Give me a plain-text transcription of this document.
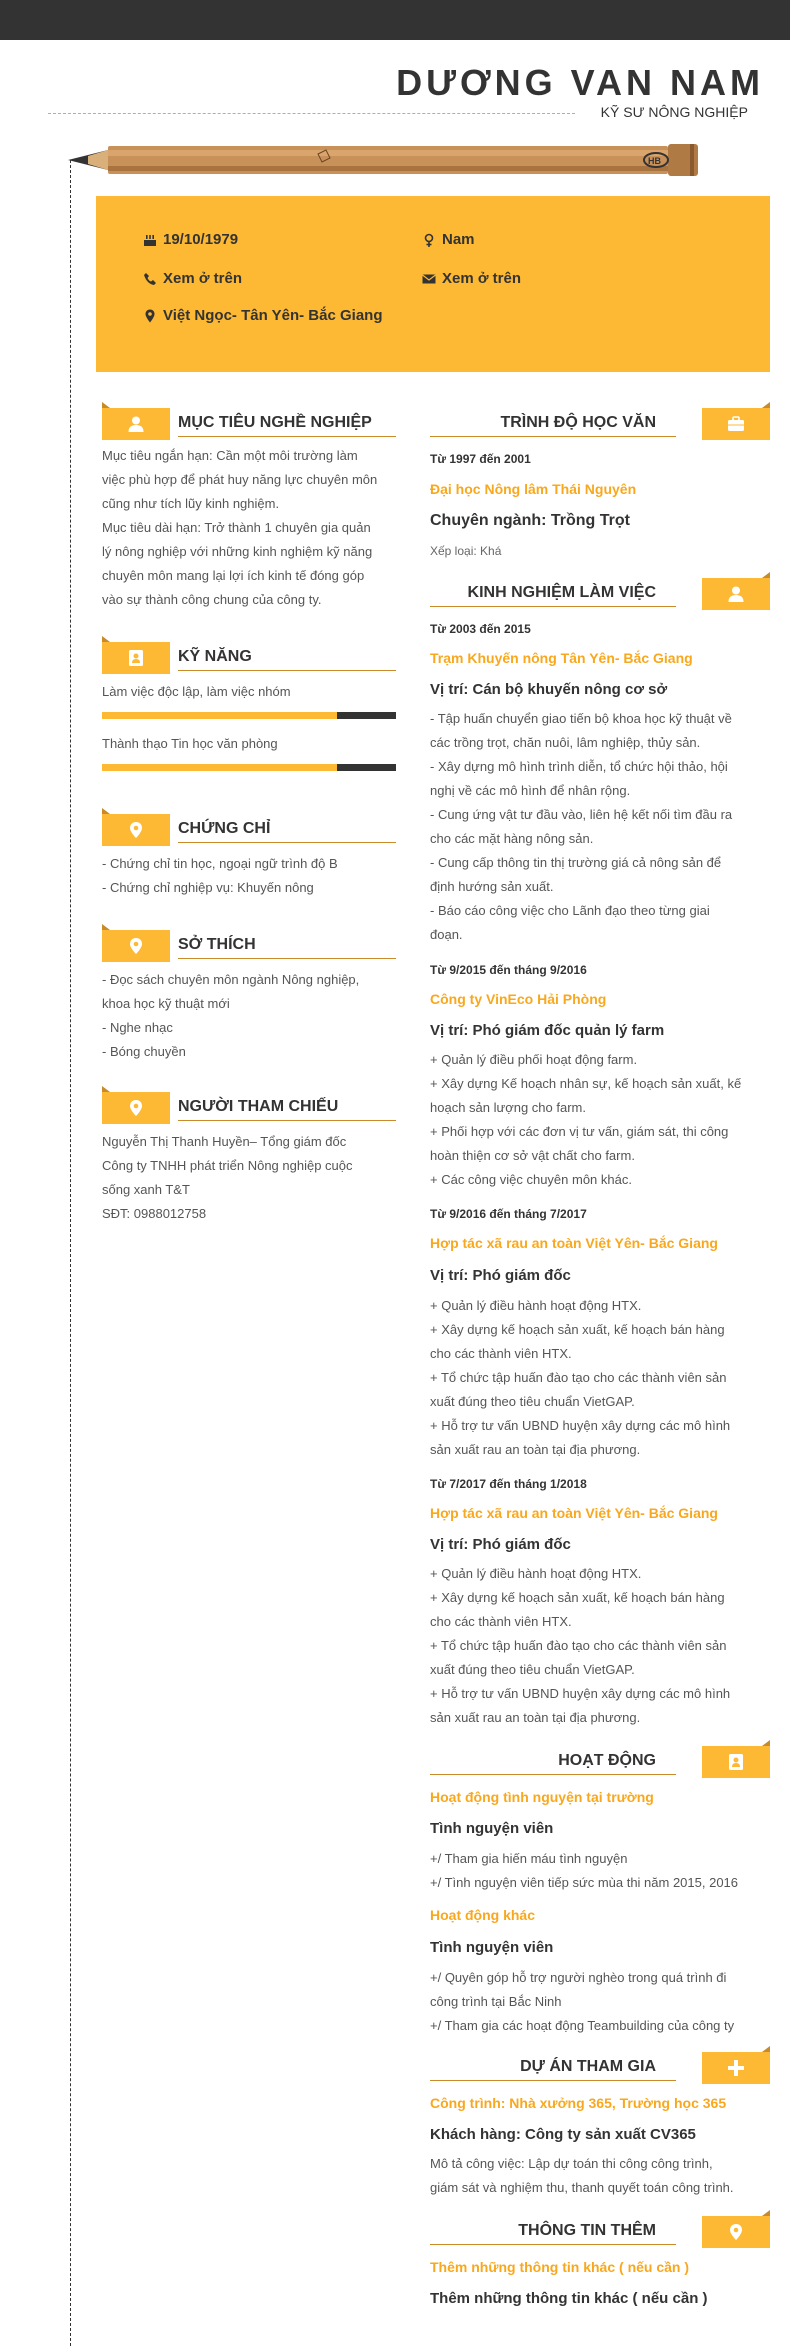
DƯƠNG VAN NAM
KỸ SƯ NÔNG NGHIỆP
HB
19/10/1979	Nam
Xem ở trên	Xem ở trên
Việt Ngọc- Tân Yên- Bắc Giang
MỤC TIÊU NGHỀ NGHIỆP
Mục tiêu ngắn hạn: Cần một môi trường làm
việc phù hợp để phát huy năng lực chuyên môn
cũng như tích lũy kinh nghiệm.
Mục tiêu dài hạn: Trở thành 1 chuyên gia quản
lý nông nghiệp với những kinh nghiệm kỹ năng
chuyên môn mang lại lợi ích kinh tế đóng góp
vào sự thành công chung của công ty.
KỸ NĂNG
Làm việc độc lập, làm việc nhóm
Thành thạo Tin học văn phòng
CHỨNG CHỈ
- Chứng chỉ tin học, ngoại ngữ trình độ B
- Chứng chỉ nghiệp vụ: Khuyến nông
SỞ THÍCH
- Đọc sách chuyên môn ngành Nông nghiệp,
khoa học kỹ thuật mới
- Nghe nhạc
- Bóng chuyền
NGƯỜI THAM CHIẾU
Nguyễn Thị Thanh Huyền– Tổng giám đốc
Công ty TNHH phát triển Nông nghiệp cuộc
sống xanh T&T
SĐT: 0988012758
TRÌNH ĐỘ HỌC VĂN
Từ 1997 đến 2001
Đại học Nông lâm Thái Nguyên
Chuyên ngành: Trồng Trọt
Xếp loại: Khá
KINH NGHIỆM LÀM VIỆC
Từ 2003 đến 2015
Trạm Khuyến nông Tân Yên- Bắc Giang
Vị trí: Cán bộ khuyến nông cơ sở
- Tập huấn chuyển giao tiến bộ khoa học kỹ thuật về
các trồng trọt, chăn nuôi, lâm nghiệp, thủy sản.
- Xây dựng mô hình trình diễn, tổ chức hội thảo, hội
nghị về các mô hình để nhân rộng.
- Cung ứng vật tư đầu vào, liên hệ kết nối tìm đầu ra
cho các mặt hàng nông sản.
- Cung cấp thông tin thị trường giá cả nông sản để
định hướng sản xuất.
- Báo cáo công việc cho Lãnh đạo theo từng giai
đoạn.
Từ 9/2015 đến tháng 9/2016
Công ty VinEco Hải Phòng
Vị trí: Phó giám đốc quản lý farm
+ Quản lý điều phối hoạt động farm.
+ Xây dựng Kế hoạch nhân sự, kế hoạch sản xuất, kế
hoạch sản lượng cho farm.
+ Phối hợp với các đơn vị tư vấn, giám sát, thi công
hoàn thiện cơ sở vật chất cho farm.
+ Các công việc chuyên môn khác.
Từ 9/2016 đến tháng 7/2017
Hợp tác xã rau an toàn Việt Yên- Bắc Giang
Vị trí: Phó giám đốc
+ Quản lý điều hành hoạt động HTX.
+ Xây dựng kế hoạch sản xuất, kế hoạch bán hàng
cho các thành viên HTX.
+ Tổ chức tập huấn đào tạo cho các thành viên sản
xuất đúng theo tiêu chuẩn VietGAP.
+ Hỗ trợ tư vấn UBND huyện xây dựng các mô hình
sản xuất rau an toàn tại địa phương.
Từ 7/2017 đến tháng 1/2018
Hợp tác xã rau an toàn Việt Yên- Bắc Giang
Vị trí: Phó giám đốc
+ Quản lý điều hành hoạt động HTX.
+ Xây dựng kế hoạch sản xuất, kế hoạch bán hàng
cho các thành viên HTX.
+ Tổ chức tập huấn đào tạo cho các thành viên sản
xuất đúng theo tiêu chuẩn VietGAP.
+ Hỗ trợ tư vấn UBND huyện xây dựng các mô hình
sản xuất rau an toàn tại địa phương.
HOẠT ĐỘNG
Hoạt động tình nguyện tại trường
Tình nguyện viên
+/ Tham gia hiến máu tình nguyện
+/ Tình nguyện viên tiếp sức mùa thi năm 2015, 2016
Hoạt động khác
Tình nguyện viên
+/ Quyên góp hỗ trợ người nghèo trong quá trình đi
công trình tại Bắc Ninh
+/ Tham gia các hoạt động Teambuilding của công ty
DỰ ÁN THAM GIA
Công trình: Nhà xưởng 365, Trường học 365
Khách hàng: Công ty sản xuất CV365
Mô tả công việc: Lập dự toán thi công công trình,
giám sát và nghiệm thu, thanh quyết toán công trình.
THÔNG TIN THÊM
Thêm những thông tin khác ( nếu cần )
Thêm những thông tin khác ( nếu cần )
